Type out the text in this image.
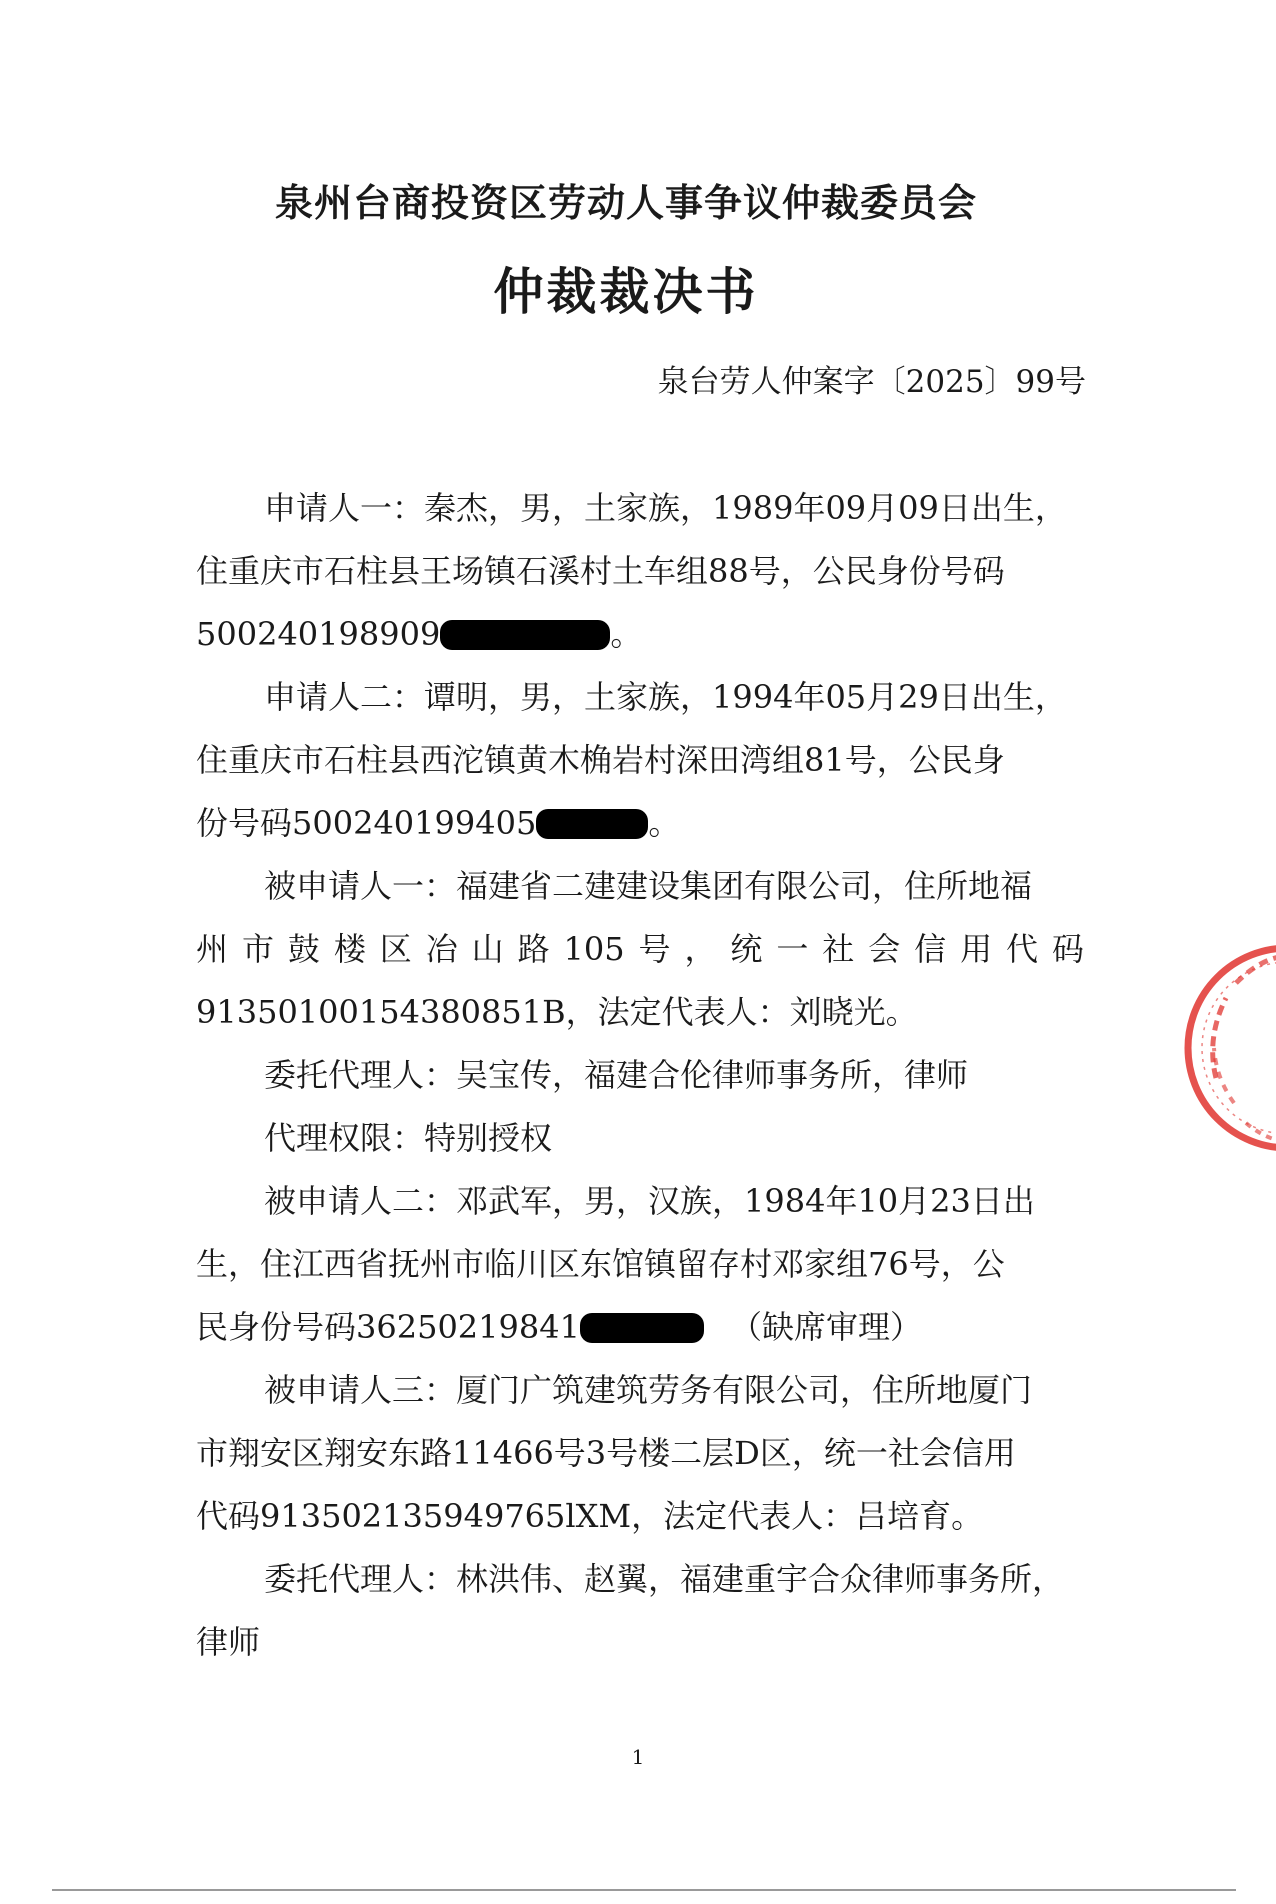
泉州台商投资区劳动人事争议仲裁委员会
仲裁裁决书
泉台劳人仲案字〔2025〕99号
申请人一：秦杰，男，土家族，1989年09月09日出生，
住重庆市石柱县王场镇石溪村土车组88号，公民身份号码
500240198909	。
申请人二：谭明，男，土家族，1994年05月29日出生，
住重庆市石柱县西沱镇黄木桷岩村深田湾组81号，公民身
份号码500240199405	。
被申请人一：福建省二建建设集团有限公司，住所地福
州市鼓楼区冶山路105号，统一社会信用代码
91350100154380851B，法定代表人：刘晓光。
委托代理人：吴宝传，福建合伦律师事务所，律师
代理权限：特别授权
被申请人二：邓武军，男，汉族，1984年10月23日出
生，住江西省抚州市临川区东馆镇留存村邓家组76号，公
民身份号码36250219841	（缺席审理）
被申请人三：厦门广筑建筑劳务有限公司，住所地厦门
市翔安区翔安东路11466号3号楼二层D区，统一社会信用
代码913502135949765lXM，法定代表人：吕培育。
委托代理人：林洪伟、赵翼，福建重宇合众律师事务所，
律师
1
